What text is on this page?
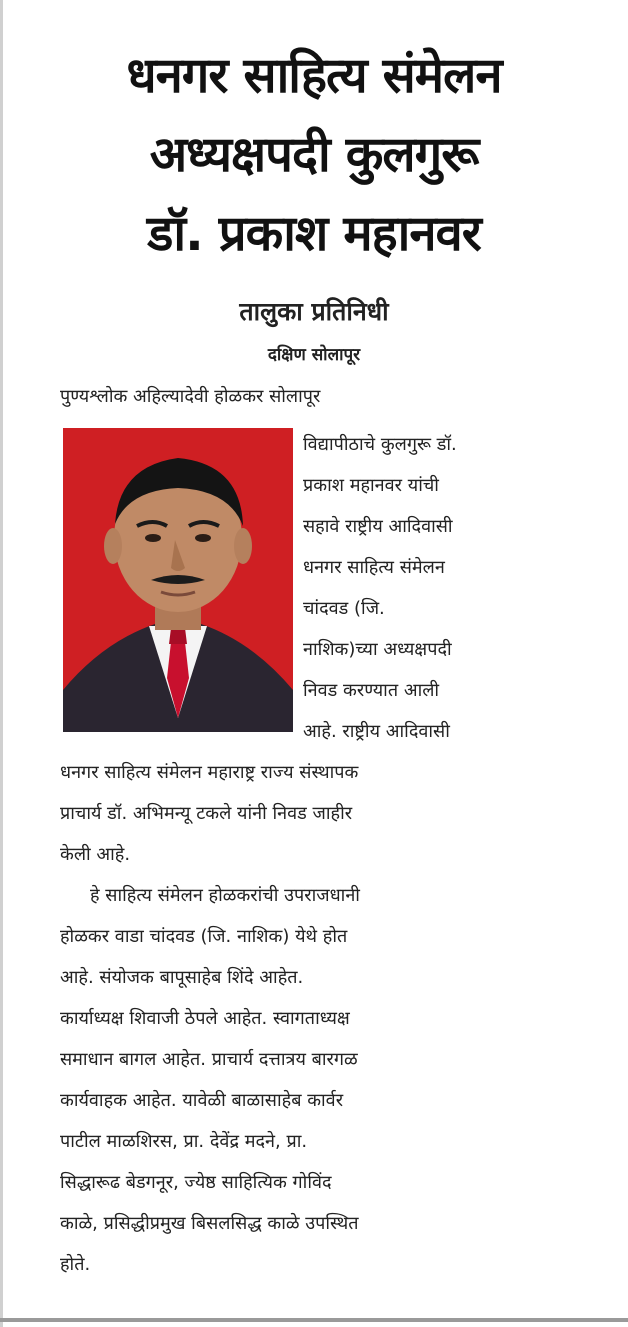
धनगर साहित्य संमेलन
अध्यक्षपदी कुलगुरू
डॉ. प्रकाश महानवर
तालुका प्रतिनिधी
दक्षिण सोलापूर
पुण्यश्लोक अहिल्यादेवी होळकर सोलापूर
विद्यापीठाचे कुलगुरू डॉ.
प्रकाश महानवर यांची
सहावे राष्ट्रीय आदिवासी
धनगर साहित्य संमेलन
चांदवड (जि.
नाशिक)च्या अध्यक्षपदी
निवड करण्यात आली
आहे. राष्ट्रीय आदिवासी
धनगर साहित्य संमेलन महाराष्ट्र राज्य संस्थापक
प्राचार्य डॉ. अभिमन्यू टकले यांनी निवड जाहीर
केली आहे.
हे साहित्य संमेलन होळकरांची उपराजधानी
होळकर वाडा चांदवड (जि. नाशिक) येथे होत
आहे. संयोजक बापूसाहेब शिंदे आहेत.
कार्याध्यक्ष शिवाजी ठेपले आहेत. स्वागताध्यक्ष
समाधान बागल आहेत. प्राचार्य दत्तात्रय बारगळ
कार्यवाहक आहेत. यावेळी बाळासाहेब कार्वर
पाटील माळशिरस, प्रा. देवेंद्र मदने, प्रा.
सिद्धारूढ बेडगनूर, ज्येष्ठ साहित्यिक गोविंद
काळे, प्रसिद्धीप्रमुख बिसलसिद्ध काळे उपस्थित
होते.
